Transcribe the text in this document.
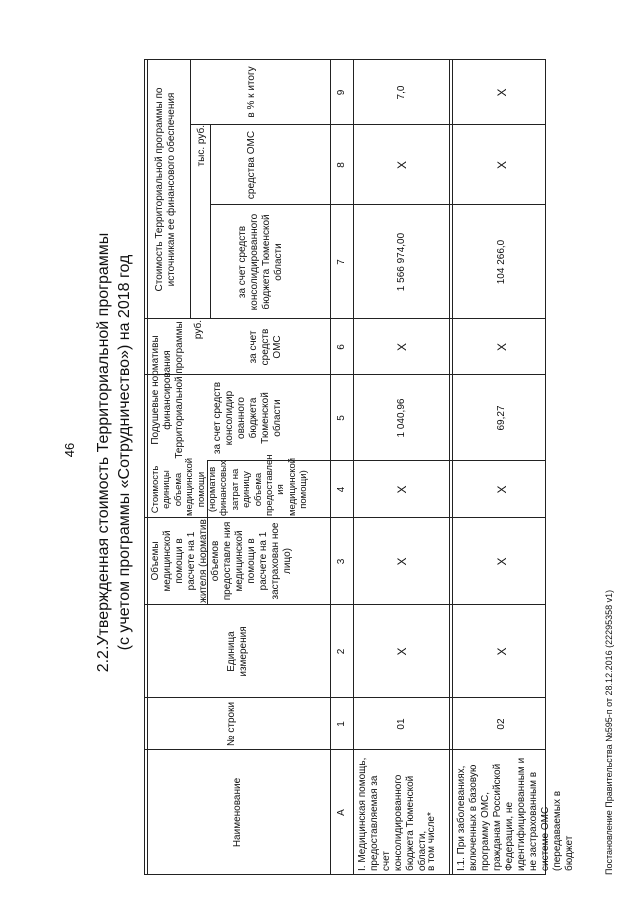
46 2.2.Утвержденная стоимость Территориальной программы (с учетом программы «Сотрудничество») на 2018 год
Наименование
№ строки
Единица измерения
Объемы медицинской помощи в расчете на 1 жителя (норматив объемов предоставле ния медицинской помощи в расчете на 1 застрахован ное лицо)
Стоимость единицы объема медицинской помощи (норматив финансовых затрат на единицу объема предоставлен ия медицинской помощи)
Подушевые нормативы финансирования Территориальной программы руб.
за счет средств консолидир ованного бюджета Тюменской области
за счет средств ОМС
Стоимость Территориальной программы по источникам ее финансового обеспечения тыс. руб.
за счет средств консолидированного бюджета Тюменской области
средства ОМС
в % к итогу
А
1
2
3
4
5
6
7
8
9
I. Медицинская помощь, предоставляемая за счет консолидированного бюджета Тюменской области,
в том числе*
01
Х
Х
Х
1 040,96
Х
1 566 974,00
Х
7,0
I.1. При заболеваниях, включенных в базовую программу ОМС, гражданам Российской Федерации, не идентифицированным и не застрахованным в системе ОМС (передаваемых в бюджет
02
Х
Х
Х
69,27
Х
104 266,0
Х
Х
Постановление Правительства №595-п от 28.12.2016 (22295358 v1)
